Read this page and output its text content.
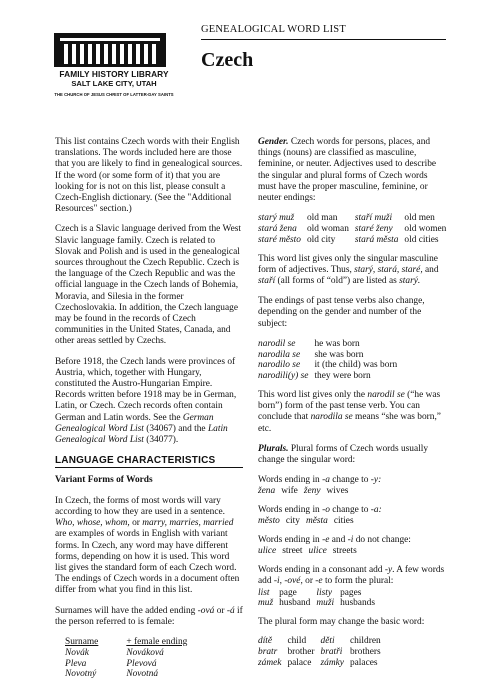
FAMILY HISTORY LIBRARY
SALT LAKE CITY, UTAH
THE CHURCH OF JESUS CHRIST OF LATTER-DAY SAINTS
GENEALOGICAL WORD LIST
Czech

This list contains Czech words with their English translations. The words included here are those that you are likely to find in genealogical sources. If the word (or some form of it) that you are looking for is not on this list, please consult a Czech-English dictionary. (See the "Additional Resources" section.)

Czech is a Slavic language derived from the West Slavic language family. Czech is related to Slovak and Polish and is used in the genealogical sources throughout the Czech Republic. Czech is the language of the Czech Republic and was the official language in the Czech lands of Bohemia, Moravia, and Silesia in the former Czechoslovakia. In addition, the Czech language may be found in the records of Czech communities in the United States, Canada, and other areas settled by Czechs.

Before 1918, the Czech lands were provinces of Austria, which, together with Hungary, constituted the Austro-Hungarian Empire. Records written before 1918 may be in German, Latin, or Czech. Czech records often contain German and Latin words. See the German Genealogical Word List (34067) and the Latin Genealogical Word List (34077).

LANGUAGE CHARACTERISTICS
Variant Forms of Words

In Czech, the forms of most words will vary according to how they are used in a sentence. Who, whose, whom, or marry, marries, married are examples of words in English with variant forms. In Czech, any word may have different forms, depending on how it is used. This word list gives the standard form of each Czech word. The endings of Czech words in a document often differ from what you find in this list.

Surnames will have the added ending -ová or -á if the person referred to is female:

Surname	+ female ending
Novák	Nováková
Pleva	Plevová
Novotný	Novotná

Gender. Czech words for persons, places, and things (nouns) are classified as masculine, feminine, or neuter. Adjectives used to describe the singular and plural forms of Czech words must have the proper masculine, feminine, or neuter endings:

starý muž	old man	staří muži	old men
stará žena	old woman	staré ženy	old women
staré město	old city	stará města	old cities

This word list gives only the singular masculine form of adjectives. Thus, starý, stará, staré, and staří (all forms of “old”) are listed as starý.

The endings of past tense verbs also change, depending on the gender and number of the subject:

narodil se	he was born
narodila se	she was born
narodilo se	it (the child) was born
narodili(y) se	they were born

This word list gives only the narodil se (“he was born”) form of the past tense verb. You can conclude that narodila se means “she was born,” etc.

Plurals. Plural forms of Czech words usually change the singular word:

Words ending in -a change to -y:
žena	wife	ženy	wives
Words ending in -o change to -a:
město	city	města	cities
Words ending in -e and -i do not change:
ulice	street	ulice	streets
Words ending in a consonant add -y. A few words add -i, -ové, or -e to form the plural:
list	page	listy	pages
muž	husband	muži	husbands
The plural form may change the basic word:
dítě	child	děti	children
bratr	brother	bratři	brothers
zámek	palace	zámky	palaces
